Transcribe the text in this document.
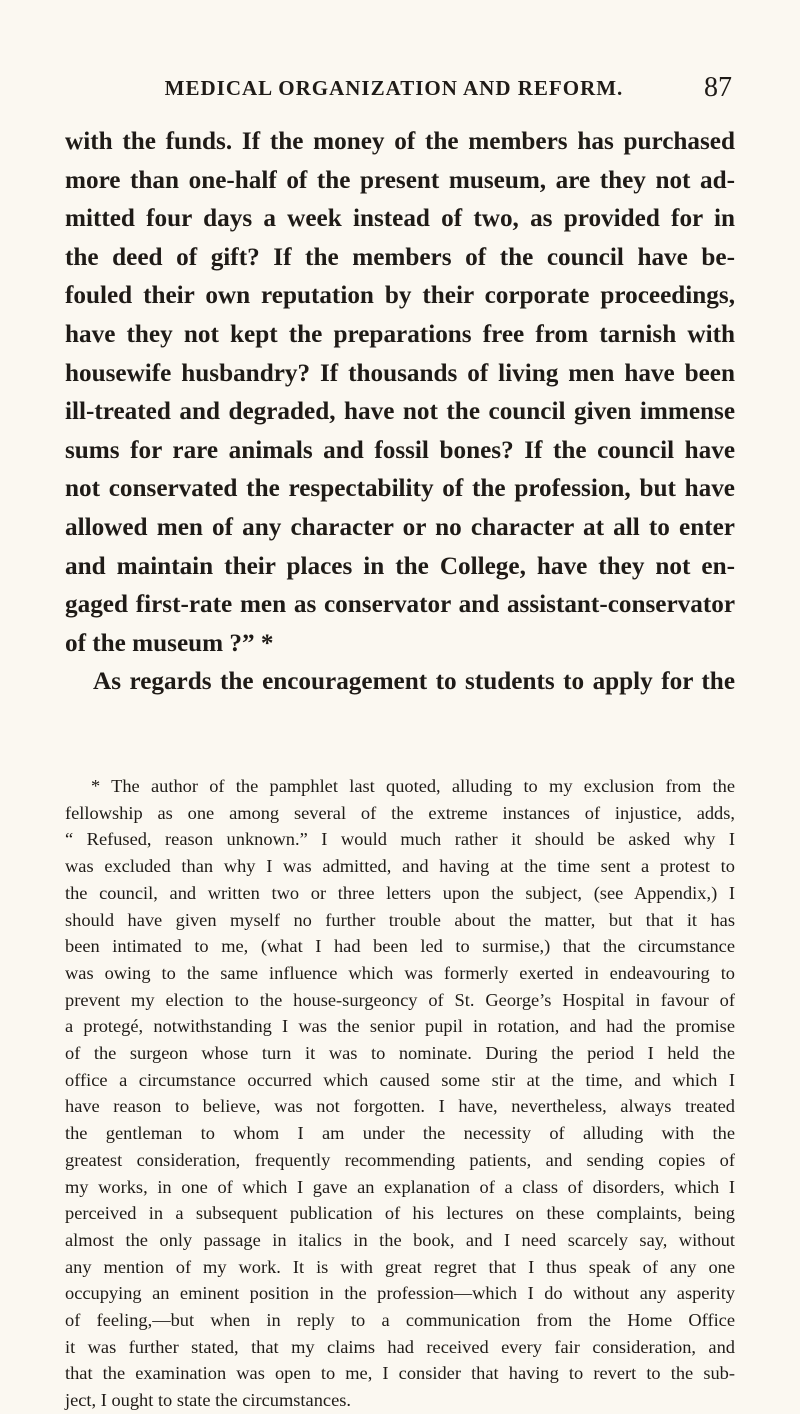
MEDICAL ORGANIZATION AND REFORM.	87
with the funds. If the money of the members has purchased
more than one-half of the present museum, are they not ad-
mitted four days a week instead of two, as provided for in
the deed of gift? If the members of the council have be-
fouled their own reputation by their corporate proceedings,
have they not kept the preparations free from tarnish with
housewife husbandry? If thousands of living men have been
ill-treated and degraded, have not the council given immense
sums for rare animals and fossil bones? If the council have
not conservated the respectability of the profession, but have
allowed men of any character or no character at all to enter
and maintain their places in the College, have they not en-
gaged first-rate men as conservator and assistant-conservator
of the museum ?” *
As regards the encouragement to students to apply for the
* The author of the pamphlet last quoted, alluding to my exclusion from the
fellowship as one among several of the extreme instances of injustice, adds,
“ Refused, reason unknown.” I would much rather it should be asked why I
was excluded than why I was admitted, and having at the time sent a protest to
the council, and written two or three letters upon the subject, (see Appendix,) I
should have given myself no further trouble about the matter, but that it has
been intimated to me, (what I had been led to surmise,) that the circumstance
was owing to the same influence which was formerly exerted in endeavouring to
prevent my election to the house-surgeoncy of St. George’s Hospital in favour of
a protegé, notwithstanding I was the senior pupil in rotation, and had the promise
of the surgeon whose turn it was to nominate. During the period I held the
office a circumstance occurred which caused some stir at the time, and which I
have reason to believe, was not forgotten. I have, nevertheless, always treated
the gentleman to whom I am under the necessity of alluding with the
greatest consideration, frequently recommending patients, and sending copies of
my works, in one of which I gave an explanation of a class of disorders, which I
perceived in a subsequent publication of his lectures on these complaints, being
almost the only passage in italics in the book, and I need scarcely say, without
any mention of my work. It is with great regret that I thus speak of any one
occupying an eminent position in the profession—which I do without any asperity
of feeling,—but when in reply to a communication from the Home Office
it was further stated, that my claims had received every fair consideration, and
that the examination was open to me, I consider that having to revert to the sub-
ject, I ought to state the circumstances.
